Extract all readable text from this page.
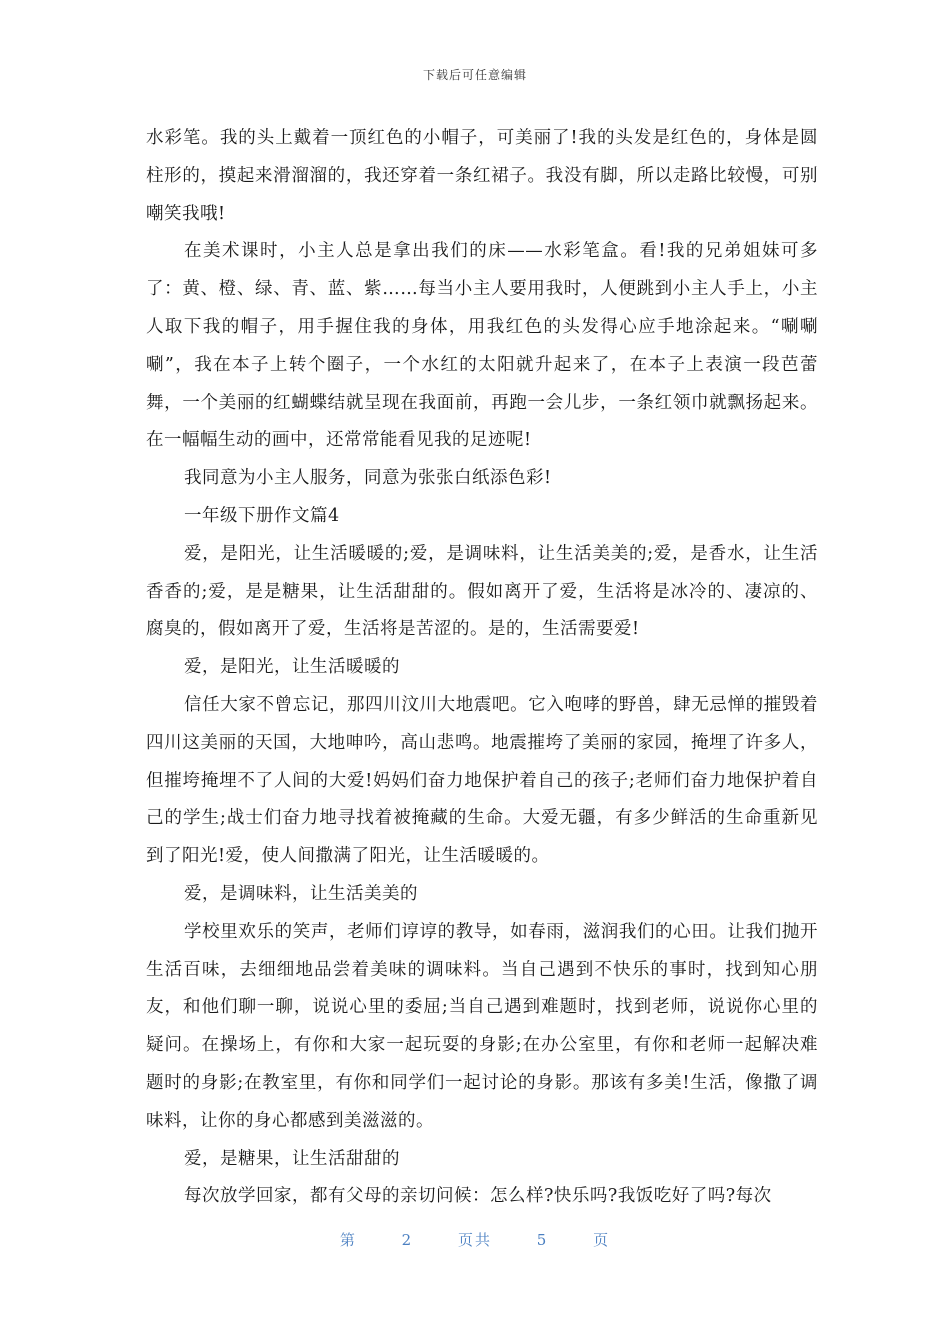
下载后可任意编辑

水彩笔。我的头上戴着一顶红色的小帽子，可美丽了!我的头发是红色的，身体是圆柱形的，摸起来滑溜溜的，我还穿着一条红裙子。我没有脚，所以走路比较慢，可别嘲笑我哦!

在美术课时，小主人总是拿出我们的床——水彩笔盒。看!我的兄弟姐妹可多了：黄、橙、绿、青、蓝、紫……每当小主人要用我时，人便跳到小主人手上，小主人取下我的帽子，用手握住我的身体，用我红色的头发得心应手地涂起来。“唰唰唰”，我在本子上转个圈子，一个水红的太阳就升起来了，在本子上表演一段芭蕾舞，一个美丽的红蝴蝶结就呈现在我面前，再跑一会儿步，一条红领巾就飘扬起来。在一幅幅生动的画中，还常常能看见我的足迹呢!

我同意为小主人服务，同意为张张白纸添色彩!

一年级下册作文篇4

爱，是阳光，让生活暖暖的;爱，是调味料，让生活美美的;爱，是香水，让生活香香的;爱，是是糖果，让生活甜甜的。假如离开了爱，生活将是冰冷的、凄凉的、腐臭的，假如离开了爱，生活将是苦涩的。是的，生活需要爱!

爱，是阳光，让生活暖暖的

信任大家不曾忘记，那四川汶川大地震吧。它入咆哮的野兽，肆无忌惮的摧毁着四川这美丽的天国，大地呻吟，高山悲鸣。地震摧垮了美丽的家园，掩埋了许多人，但摧垮掩埋不了人间的大爱!妈妈们奋力地保护着自己的孩子;老师们奋力地保护着自己的学生;战士们奋力地寻找着被掩藏的生命。大爱无疆，有多少鲜活的生命重新见到了阳光!爱，使人间撒满了阳光，让生活暖暖的。

爱，是调味料，让生活美美的

学校里欢乐的笑声，老师们谆谆的教导，如春雨，滋润我们的心田。让我们抛开生活百味，去细细地品尝着美味的调味料。当自己遇到不快乐的事时，找到知心朋友，和他们聊一聊，说说心里的委屈;当自己遇到难题时，找到老师，说说你心里的疑问。在操场上，有你和大家一起玩耍的身影;在办公室里，有你和老师一起解决难题时的身影;在教室里，有你和同学们一起讨论的身影。那该有多美!生活，像撒了调味料，让你的身心都感到美滋滋的。

爱，是糖果，让生活甜甜的

每次放学回家，都有父母的亲切问候：怎么样?快乐吗?我饭吃好了吗?每次

第	2	页共	5	页
